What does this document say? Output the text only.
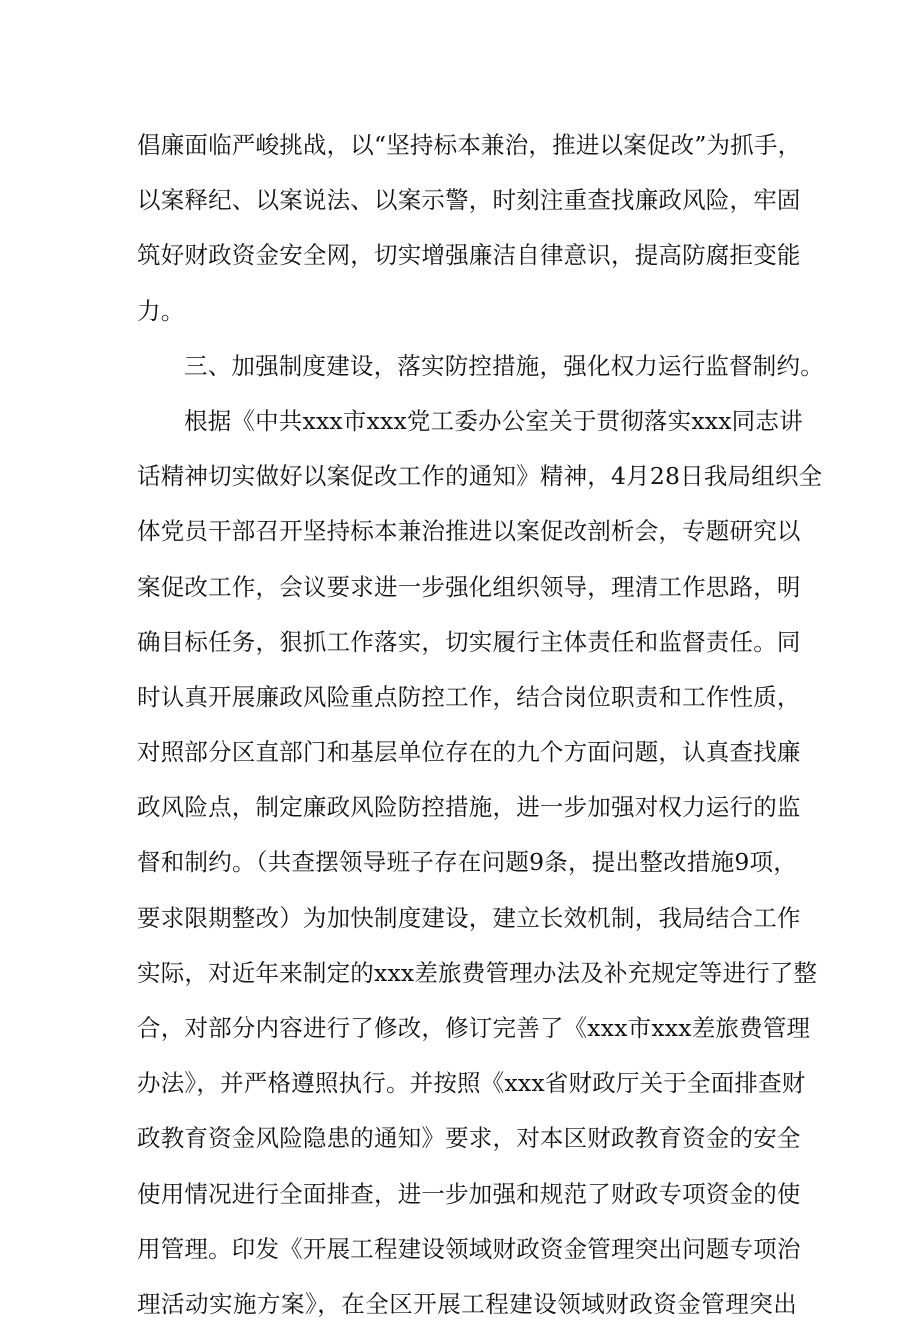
倡廉面临严峻挑战，以“坚持标本兼治，推进以案促改”为抓手，
以案释纪、以案说法、以案示警，时刻注重查找廉政风险，牢固
筑好财政资金安全网，切实增强廉洁自律意识，提高防腐拒变能
力。
三、加强制度建设，落实防控措施，强化权力运行监督制约。
根据《中共xxx市xxx党工委办公室关于贯彻落实xxx同志讲
话精神切实做好以案促改工作的通知》精神，4月28日我局组织全
体党员干部召开坚持标本兼治推进以案促改剖析会，专题研究以
案促改工作，会议要求进一步强化组织领导，理清工作思路，明
确目标任务，狠抓工作落实，切实履行主体责任和监督责任。同
时认真开展廉政风险重点防控工作，结合岗位职责和工作性质，
对照部分区直部门和基层单位存在的九个方面问题，认真查找廉
政风险点，制定廉政风险防控措施，进一步加强对权力运行的监
督和制约。（共查摆领导班子存在问题9条，提出整改措施9项，
要求限期整改）为加快制度建设，建立长效机制，我局结合工作
实际，对近年来制定的xxx差旅费管理办法及补充规定等进行了整
合，对部分内容进行了修改，修订完善了《xxx市xxx差旅费管理
办法》，并严格遵照执行。并按照《xxx省财政厅关于全面排查财
政教育资金风险隐患的通知》要求，对本区财政教育资金的安全
使用情况进行全面排查，进一步加强和规范了财政专项资金的使
用管理。印发《开展工程建设领域财政资金管理突出问题专项治
理活动实施方案》，在全区开展工程建设领域财政资金管理突出
